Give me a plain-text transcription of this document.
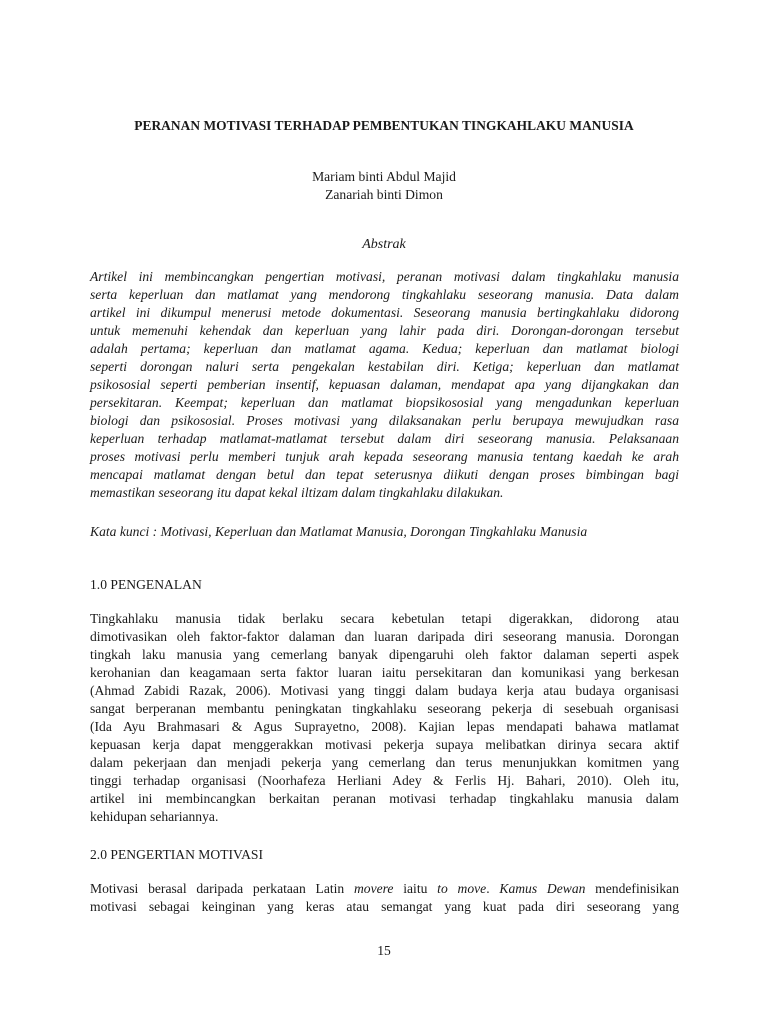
PERANAN MOTIVASI TERHADAP PEMBENTUKAN TINGKAHLAKU MANUSIA
Mariam binti Abdul Majid
Zanariah binti Dimon
Abstrak
Artikel ini membincangkan pengertian motivasi, peranan motivasi dalam tingkahlaku manusia
serta keperluan dan matlamat yang mendorong tingkahlaku seseorang manusia. Data dalam
artikel ini dikumpul menerusi metode dokumentasi. Seseorang manusia bertingkahlaku didorong
untuk memenuhi kehendak dan keperluan yang lahir pada diri. Dorongan-dorongan tersebut
adalah pertama; keperluan dan matlamat agama. Kedua; keperluan dan matlamat biologi
seperti dorongan naluri serta pengekalan kestabilan diri. Ketiga; keperluan dan matlamat
psikososial seperti pemberian insentif, kepuasan dalaman, mendapat apa yang dijangkakan dan
persekitaran. Keempat; keperluan dan matlamat biopsikososial yang mengadunkan keperluan
biologi dan psikososial. Proses motivasi yang dilaksanakan perlu berupaya mewujudkan rasa
keperluan terhadap matlamat-matlamat tersebut dalam diri seseorang manusia. Pelaksanaan
proses motivasi perlu memberi tunjuk arah kepada seseorang manusia tentang kaedah ke arah
mencapai matlamat dengan betul dan tepat seterusnya diikuti dengan proses bimbingan bagi
memastikan seseorang itu dapat kekal iltizam dalam tingkahlaku dilakukan.
Kata kunci : Motivasi, Keperluan dan Matlamat Manusia, Dorongan Tingkahlaku Manusia
1.0 PENGENALAN
Tingkahlaku manusia tidak berlaku secara kebetulan tetapi digerakkan, didorong atau
dimotivasikan oleh faktor-faktor dalaman dan luaran daripada diri seseorang manusia. Dorongan
tingkah laku manusia yang cemerlang banyak dipengaruhi oleh faktor dalaman seperti aspek
kerohanian dan keagamaan serta faktor luaran iaitu persekitaran dan komunikasi yang berkesan
(Ahmad Zabidi Razak, 2006). Motivasi yang tinggi dalam budaya kerja atau budaya organisasi
sangat berperanan membantu peningkatan tingkahlaku seseorang pekerja di sesebuah organisasi
(Ida Ayu Brahmasari & Agus Suprayetno, 2008). Kajian lepas mendapati bahawa matlamat
kepuasan kerja dapat menggerakkan motivasi pekerja supaya melibatkan dirinya secara aktif
dalam pekerjaan dan menjadi pekerja yang cemerlang dan terus menunjukkan komitmen yang
tinggi terhadap organisasi (Noorhafeza Herliani Adey & Ferlis Hj. Bahari, 2010). Oleh itu,
artikel ini membincangkan berkaitan peranan motivasi terhadap tingkahlaku manusia dalam
kehidupan sehariannya.
2.0 PENGERTIAN MOTIVASI
Motivasi berasal daripada perkataan Latin movere iaitu to move. Kamus Dewan mendefinisikan
motivasi sebagai keinginan yang keras atau semangat yang kuat pada diri seseorang yang
15
